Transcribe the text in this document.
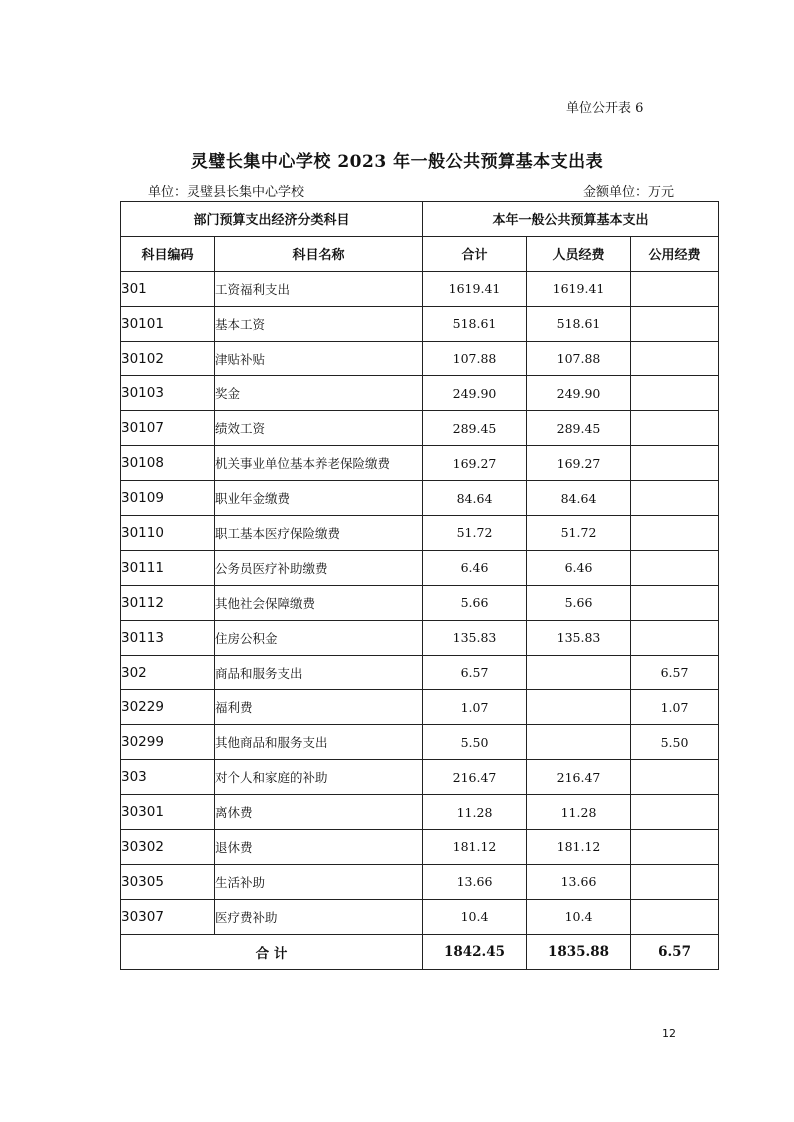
单位公开表 6
灵璧长集中心学校 2023 年一般公共预算基本支出表
单位：灵璧县长集中心学校	金额单位：万元
部门预算支出经济分类科目		本年一般公共预算基本支出		
科目编码	科目名称	合计	人员经费	公用经费
301	工资福利支出	1619.41	1619.41	
30101	基本工资	518.61	518.61	
30102	津贴补贴	107.88	107.88	
30103	奖金	249.90	249.90	
30107	绩效工资	289.45	289.45	
30108	机关事业单位基本养老保险缴费	169.27	169.27	
30109	职业年金缴费	84.64	84.64	
30110	职工基本医疗保险缴费	51.72	51.72	
30111	公务员医疗补助缴费	6.46	6.46	
30112	其他社会保障缴费	5.66	5.66	
30113	住房公积金	135.83	135.83	
302	商品和服务支出	6.57		6.57
30229	福利费	1.07		1.07
30299	其他商品和服务支出	5.50		5.50
303	对个人和家庭的补助	216.47	216.47	
30301	离休费	11.28	11.28	
30302	退休费	181.12	181.12	
30305	生活补助	13.66	13.66	
30307	医疗费补助	10.4	10.4	
合 计		1842.45	1835.88	6.57
12
